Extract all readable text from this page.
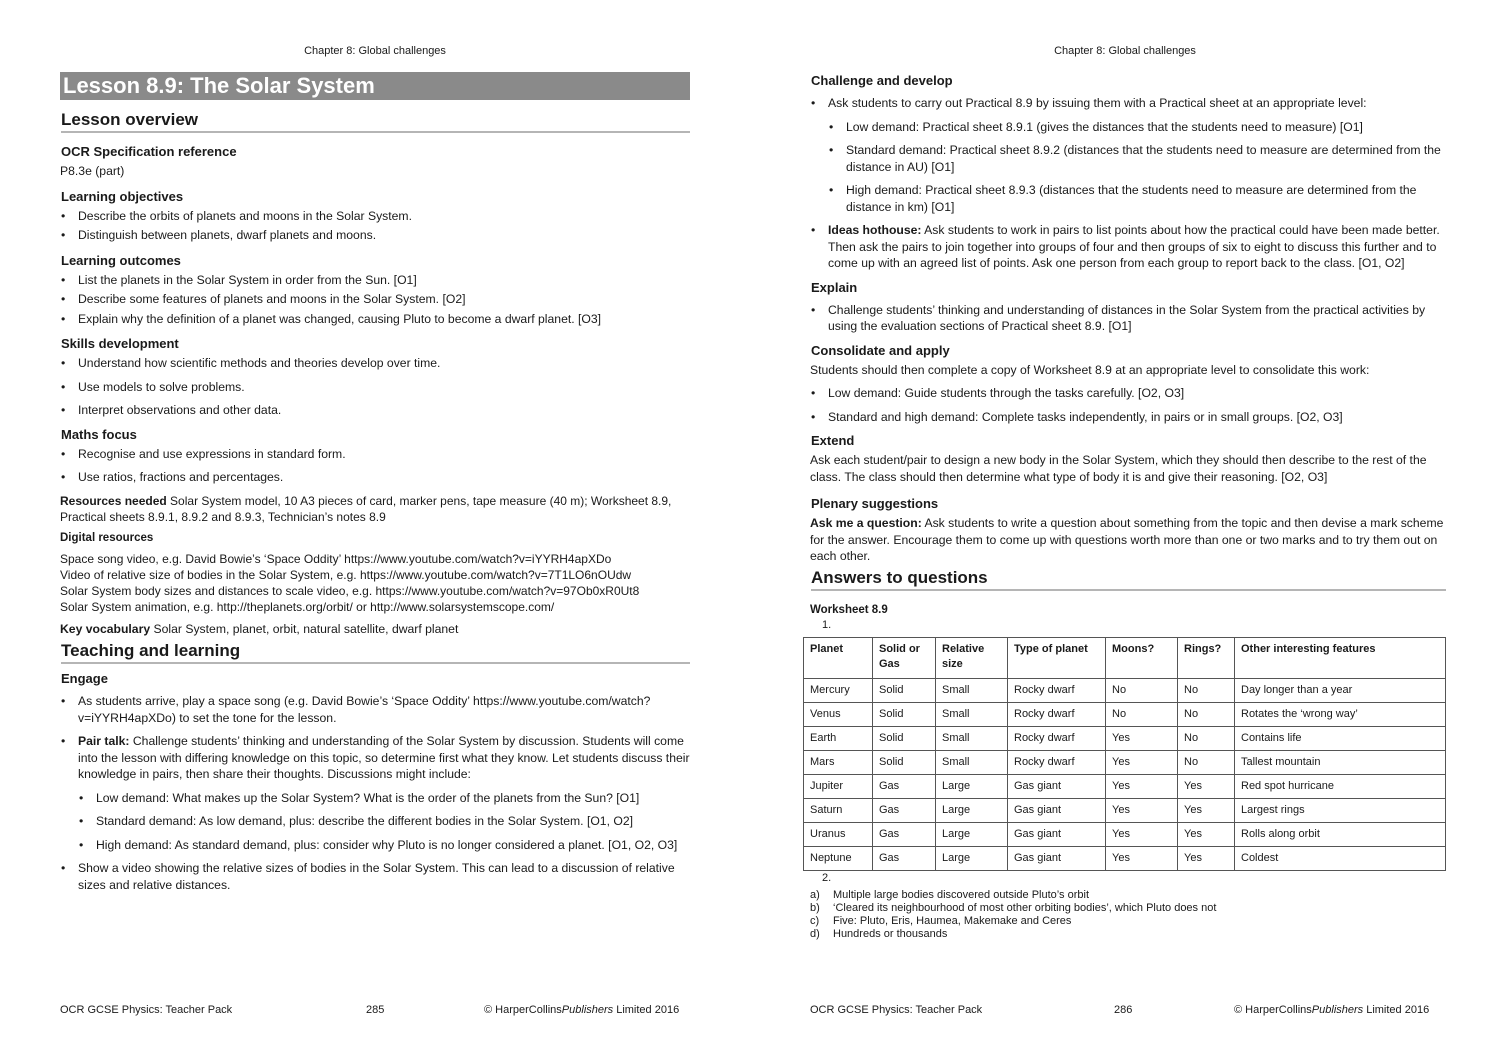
Chapter 8: Global challenges
Lesson 8.9: The Solar System
Lesson overview
OCR Specification reference

P8.3e (part)

Learning objectives
• Describe the orbits of planets and moons in the Solar System.
• Distinguish between planets, dwarf planets and moons.
Learning outcomes
• List the planets in the Solar System in order from the Sun. [O1]
• Describe some features of planets and moons in the Solar System. [O2]
• Explain why the definition of a planet was changed, causing Pluto to become a dwarf planet. [O3]
Skills development
• Understand how scientific methods and theories develop over time.
• Use models to solve problems.
• Interpret observations and other data.
Maths focus
• Recognise and use expressions in standard form.
• Use ratios, fractions and percentages.

Resources needed Solar System model, 10 A3 pieces of card, marker pens, tape measure (40 m); Worksheet 8.9, Practical sheets 8.9.1, 8.9.2 and 8.9.3, Technician’s notes 8.9

Digital resources
Space song video, e.g. David Bowie’s ‘Space Oddity’ https://www.youtube.com/watch?v=iYYRH4apXDo
Video of relative size of bodies in the Solar System, e.g. https://www.youtube.com/watch?v=7T1LO6nOUdw
Solar System body sizes and distances to scale video, e.g. https://www.youtube.com/watch?v=97Ob0xR0Ut8
Solar System animation, e.g. http://theplanets.org/orbit/ or http://www.solarsystemscope.com/

Key vocabulary Solar System, planet, orbit, natural satellite, dwarf planet

Teaching and learning
Engage
• As students arrive, play a space song (e.g. David Bowie’s ‘Space Oddity’ https://www.youtube.com/watch?v=iYYRH4apXDo) to set the tone for the lesson.
• Pair talk: Challenge students’ thinking and understanding of the Solar System by discussion. Students will come into the lesson with differing knowledge on this topic, so determine first what they know. Let students discuss their knowledge in pairs, then share their thoughts. Discussions might include:
• Low demand: What makes up the Solar System? What is the order of the planets from the Sun? [O1]
• Standard demand: As low demand, plus: describe the different bodies in the Solar System. [O1, O2]
• High demand: As standard demand, plus: consider why Pluto is no longer considered a planet. [O1, O2, O3]
• Show a video showing the relative sizes of bodies in the Solar System. This can lead to a discussion of relative sizes and relative distances.
OCR GCSE Physics: Teacher Pack	285	© HarperCollinsPublishers Limited 2016
Chapter 8: Global challenges
Challenge and develop
• Ask students to carry out Practical 8.9 by issuing them with a Practical sheet at an appropriate level:
• Low demand: Practical sheet 8.9.1 (gives the distances that the students need to measure) [O1]
• Standard demand: Practical sheet 8.9.2 (distances that the students need to measure are determined from the distance in AU) [O1]
• High demand: Practical sheet 8.9.3 (distances that the students need to measure are determined from the distance in km) [O1]
• Ideas hothouse: Ask students to work in pairs to list points about how the practical could have been made better. Then ask the pairs to join together into groups of four and then groups of six to eight to discuss this further and to come up with an agreed list of points. Ask one person from each group to report back to the class. [O1, O2]
Explain
• Challenge students’ thinking and understanding of distances in the Solar System from the practical activities by using the evaluation sections of Practical sheet 8.9. [O1]
Consolidate and apply

Students should then complete a copy of Worksheet 8.9 at an appropriate level to consolidate this work:

• Low demand: Guide students through the tasks carefully. [O2, O3]
• Standard and high demand: Complete tasks independently, in pairs or in small groups. [O2, O3]
Extend

Ask each student/pair to design a new body in the Solar System, which they should then describe to the rest of the class. The class should then determine what type of body it is and give their reasoning. [O2, O3]

Plenary suggestions

Ask me a question: Ask students to write a question about something from the topic and then devise a mark scheme for the answer. Encourage them to come up with questions worth more than one or two marks and to try them out on each other.

Answers to questions
Worksheet 8.9
1.
Planet	Solid or Gas	Relative size	Type of planet	Moons?	Rings?	Other interesting features
Mercury	Solid	Small	Rocky dwarf	No	No	Day longer than a year
Venus	Solid	Small	Rocky dwarf	No	No	Rotates the ‘wrong way’
Earth	Solid	Small	Rocky dwarf	Yes	No	Contains life
Mars	Solid	Small	Rocky dwarf	Yes	No	Tallest mountain
Jupiter	Gas	Large	Gas giant	Yes	Yes	Red spot hurricane
Saturn	Gas	Large	Gas giant	Yes	Yes	Largest rings
Uranus	Gas	Large	Gas giant	Yes	Yes	Rolls along orbit
Neptune	Gas	Large	Gas giant	Yes	Yes	Coldest
2.
a)	Multiple large bodies discovered outside Pluto’s orbit
b)	‘Cleared its neighbourhood of most other orbiting bodies’, which Pluto does not
c)	Five: Pluto, Eris, Haumea, Makemake and Ceres
d)	Hundreds or thousands
OCR GCSE Physics: Teacher Pack	286	© HarperCollinsPublishers Limited 2016
